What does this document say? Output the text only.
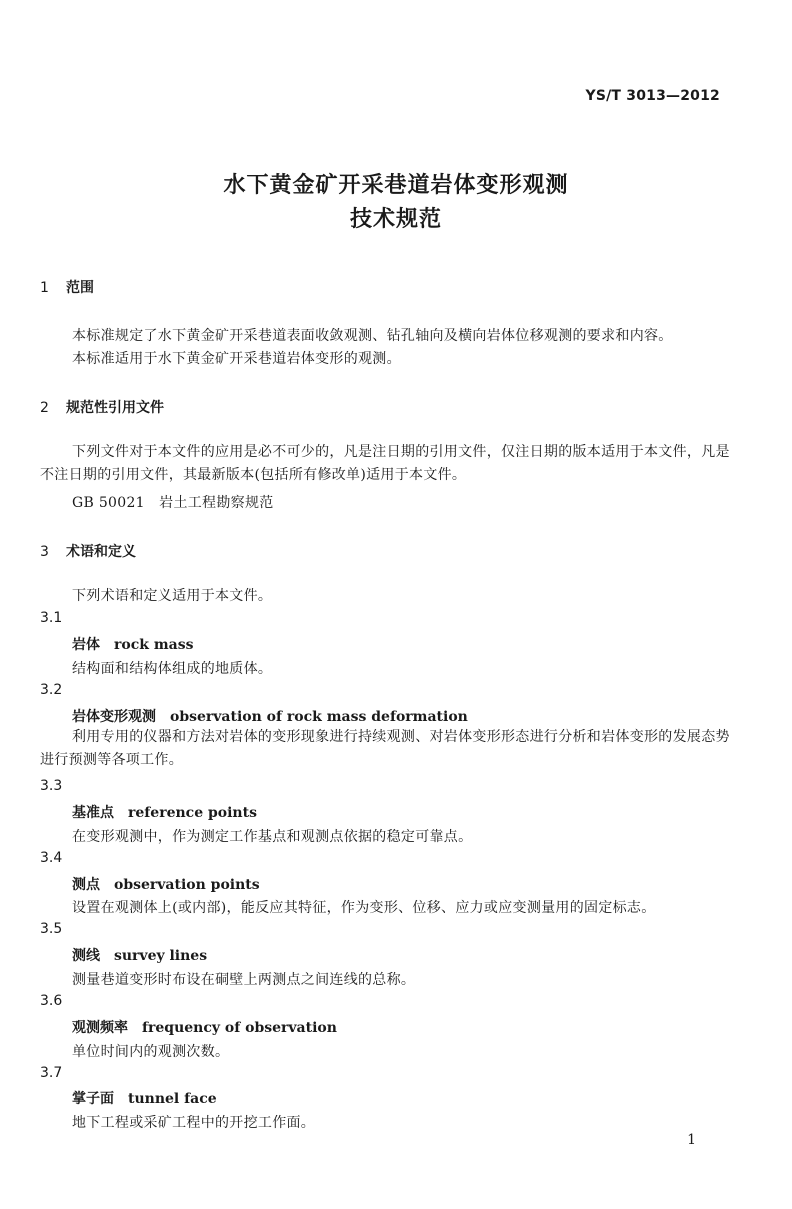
YS/T 3013—2012
水下黄金矿开采巷道岩体变形观测
技术规范
1 范围
本标准规定了水下黄金矿开采巷道表面收敛观测、钻孔轴向及横向岩体位移观测的要求和内容。
本标准适用于水下黄金矿开采巷道岩体变形的观测。
2 规范性引用文件
下列文件对于本文件的应用是必不可少的，凡是注日期的引用文件，仅注日期的版本适用于本文件，凡是不注日期的引用文件，其最新版本(包括所有修改单)适用于本文件。
GB 50021　岩土工程勘察规范
3 术语和定义
下列术语和定义适用于本文件。
3.1
岩体 rock mass
结构面和结构体组成的地质体。
3.2
岩体变形观测 observation of rock mass deformation
利用专用的仪器和方法对岩体的变形现象进行持续观测、对岩体变形形态进行分析和岩体变形的发展态势进行预测等各项工作。
3.3
基准点 reference points
在变形观测中，作为测定工作基点和观测点依据的稳定可靠点。
3.4
测点 observation points
设置在观测体上(或内部)，能反应其特征，作为变形、位移、应力或应变测量用的固定标志。
3.5
测线 survey lines
测量巷道变形时布设在硐壁上两测点之间连线的总称。
3.6
观测频率 frequency of observation
单位时间内的观测次数。
3.7
掌子面 tunnel face
地下工程或采矿工程中的开挖工作面。
1
